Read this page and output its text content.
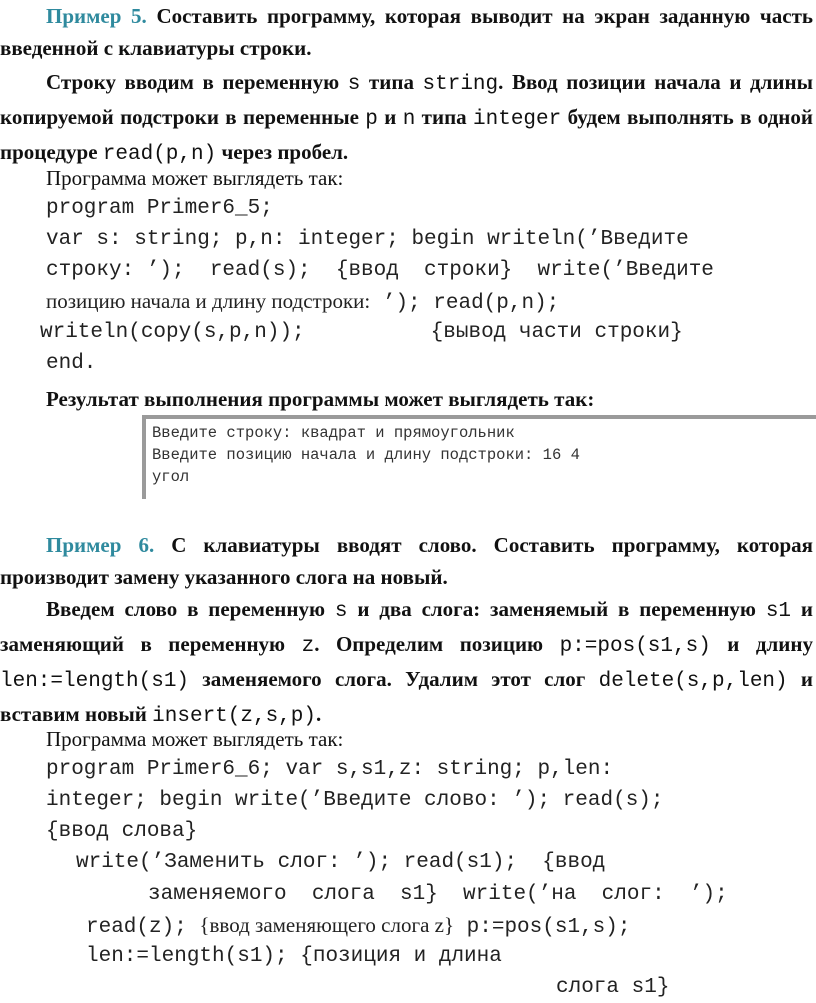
Пример 5. Составить программу, которая выводит на экран заданную часть введенной с клавиатуры строки.
Строку вводим в переменную s типа string. Ввод позиции начала и длины копируемой подстроки в переменные p и n типа integer будем выполнять в одной процедуре read(p,n) через пробел.
Программа может выглядеть так:
program Primer6_5;
var s: string; p,n: integer; begin writeln(’Введите
строку: ’);  read(s);  {ввод  строки}  write(’Введите
позицию начала и длину подстроки: ’); read(p,n);
writeln(copy(s,p,n));          {вывод части строки}
end.
Результат выполнения программы может выглядеть так:
Введите строку: квадрат и прямоугольник
Введите позицию начала и длину подстроки: 16 4
угол
Пример 6. С клавиатуры вводят слово. Составить программу, которая производит замену указанного слога на новый.
Введем слово в переменную s и два слога: заменяемый в переменную s1 и заменяющий в переменную z. Определим позицию p:=pos(s1,s) и длину len:=length(s1) заменяемого слога. Удалим этот слог delete(s,p,len) и вставим новый insert(z,s,p).
Программа может выглядеть так:
program Primer6_6; var s,s1,z: string; p,len:
integer; begin write(’Введите слово: ’); read(s);
{ввод слова}
write(’Заменить слог: ’); read(s1);  {ввод
заменяемого  слога  s1}  write(’на  слог:  ’);
read(z); {ввод заменяющего слога z} p:=pos(s1,s);
len:=length(s1); {позиция и длина
слога s1}
